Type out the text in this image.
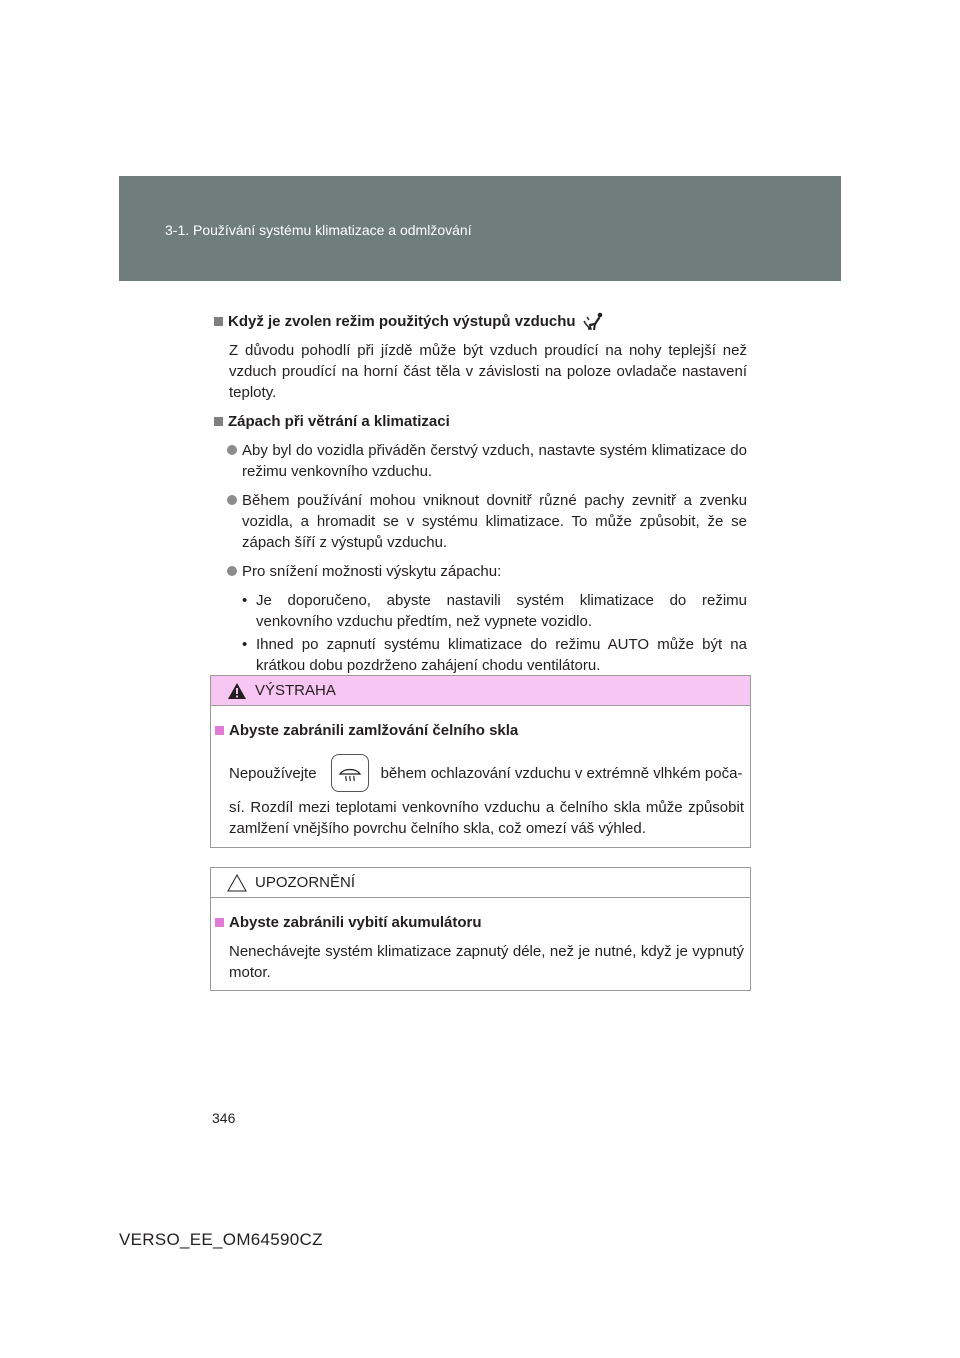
3-1. Používání systému klimatizace a odmlžování
Když je zvolen režim použitých výstupů vzduchu
Z důvodu pohodlí při jízdě může být vzduch proudící na nohy teplejší než vzduch proudící na horní část těla v závislosti na poloze ovladače nastavení teploty.
Zápach při větrání a klimatizaci
Aby byl do vozidla přiváděn čerstvý vzduch, nastavte systém klimatizace do režimu venkovního vzduchu.
Během používání mohou vniknout dovnitř různé pachy zevnitř a zvenku vozidla, a hromadit se v systému klimatizace. To může způsobit, že se zápach šíří z výstupů vzduchu.
Pro snížení možnosti výskytu zápachu:
• Je doporučeno, abyste nastavili systém klimatizace do režimu venkovního vzduchu předtím, než vypnete vozidlo.
• Ihned po zapnutí systému klimatizace do režimu AUTO může být na krátkou dobu pozdrženo zahájení chodu ventilátoru.
VÝSTRAHA
Abyste zabránili zamlžování čelního skla
Nepoužívejte	během ochlazování vzduchu v extrémně vlhkém poča-
sí. Rozdíl mezi teplotami venkovního vzduchu a čelního skla může způsobit zamlžení vnějšího povrchu čelního skla, což omezí váš výhled.
UPOZORNĚNÍ
Abyste zabránili vybití akumulátoru
Nenechávejte systém klimatizace zapnutý déle, než je nutné, když je vypnutý motor.
346
VERSO_EE_OM64590CZ
